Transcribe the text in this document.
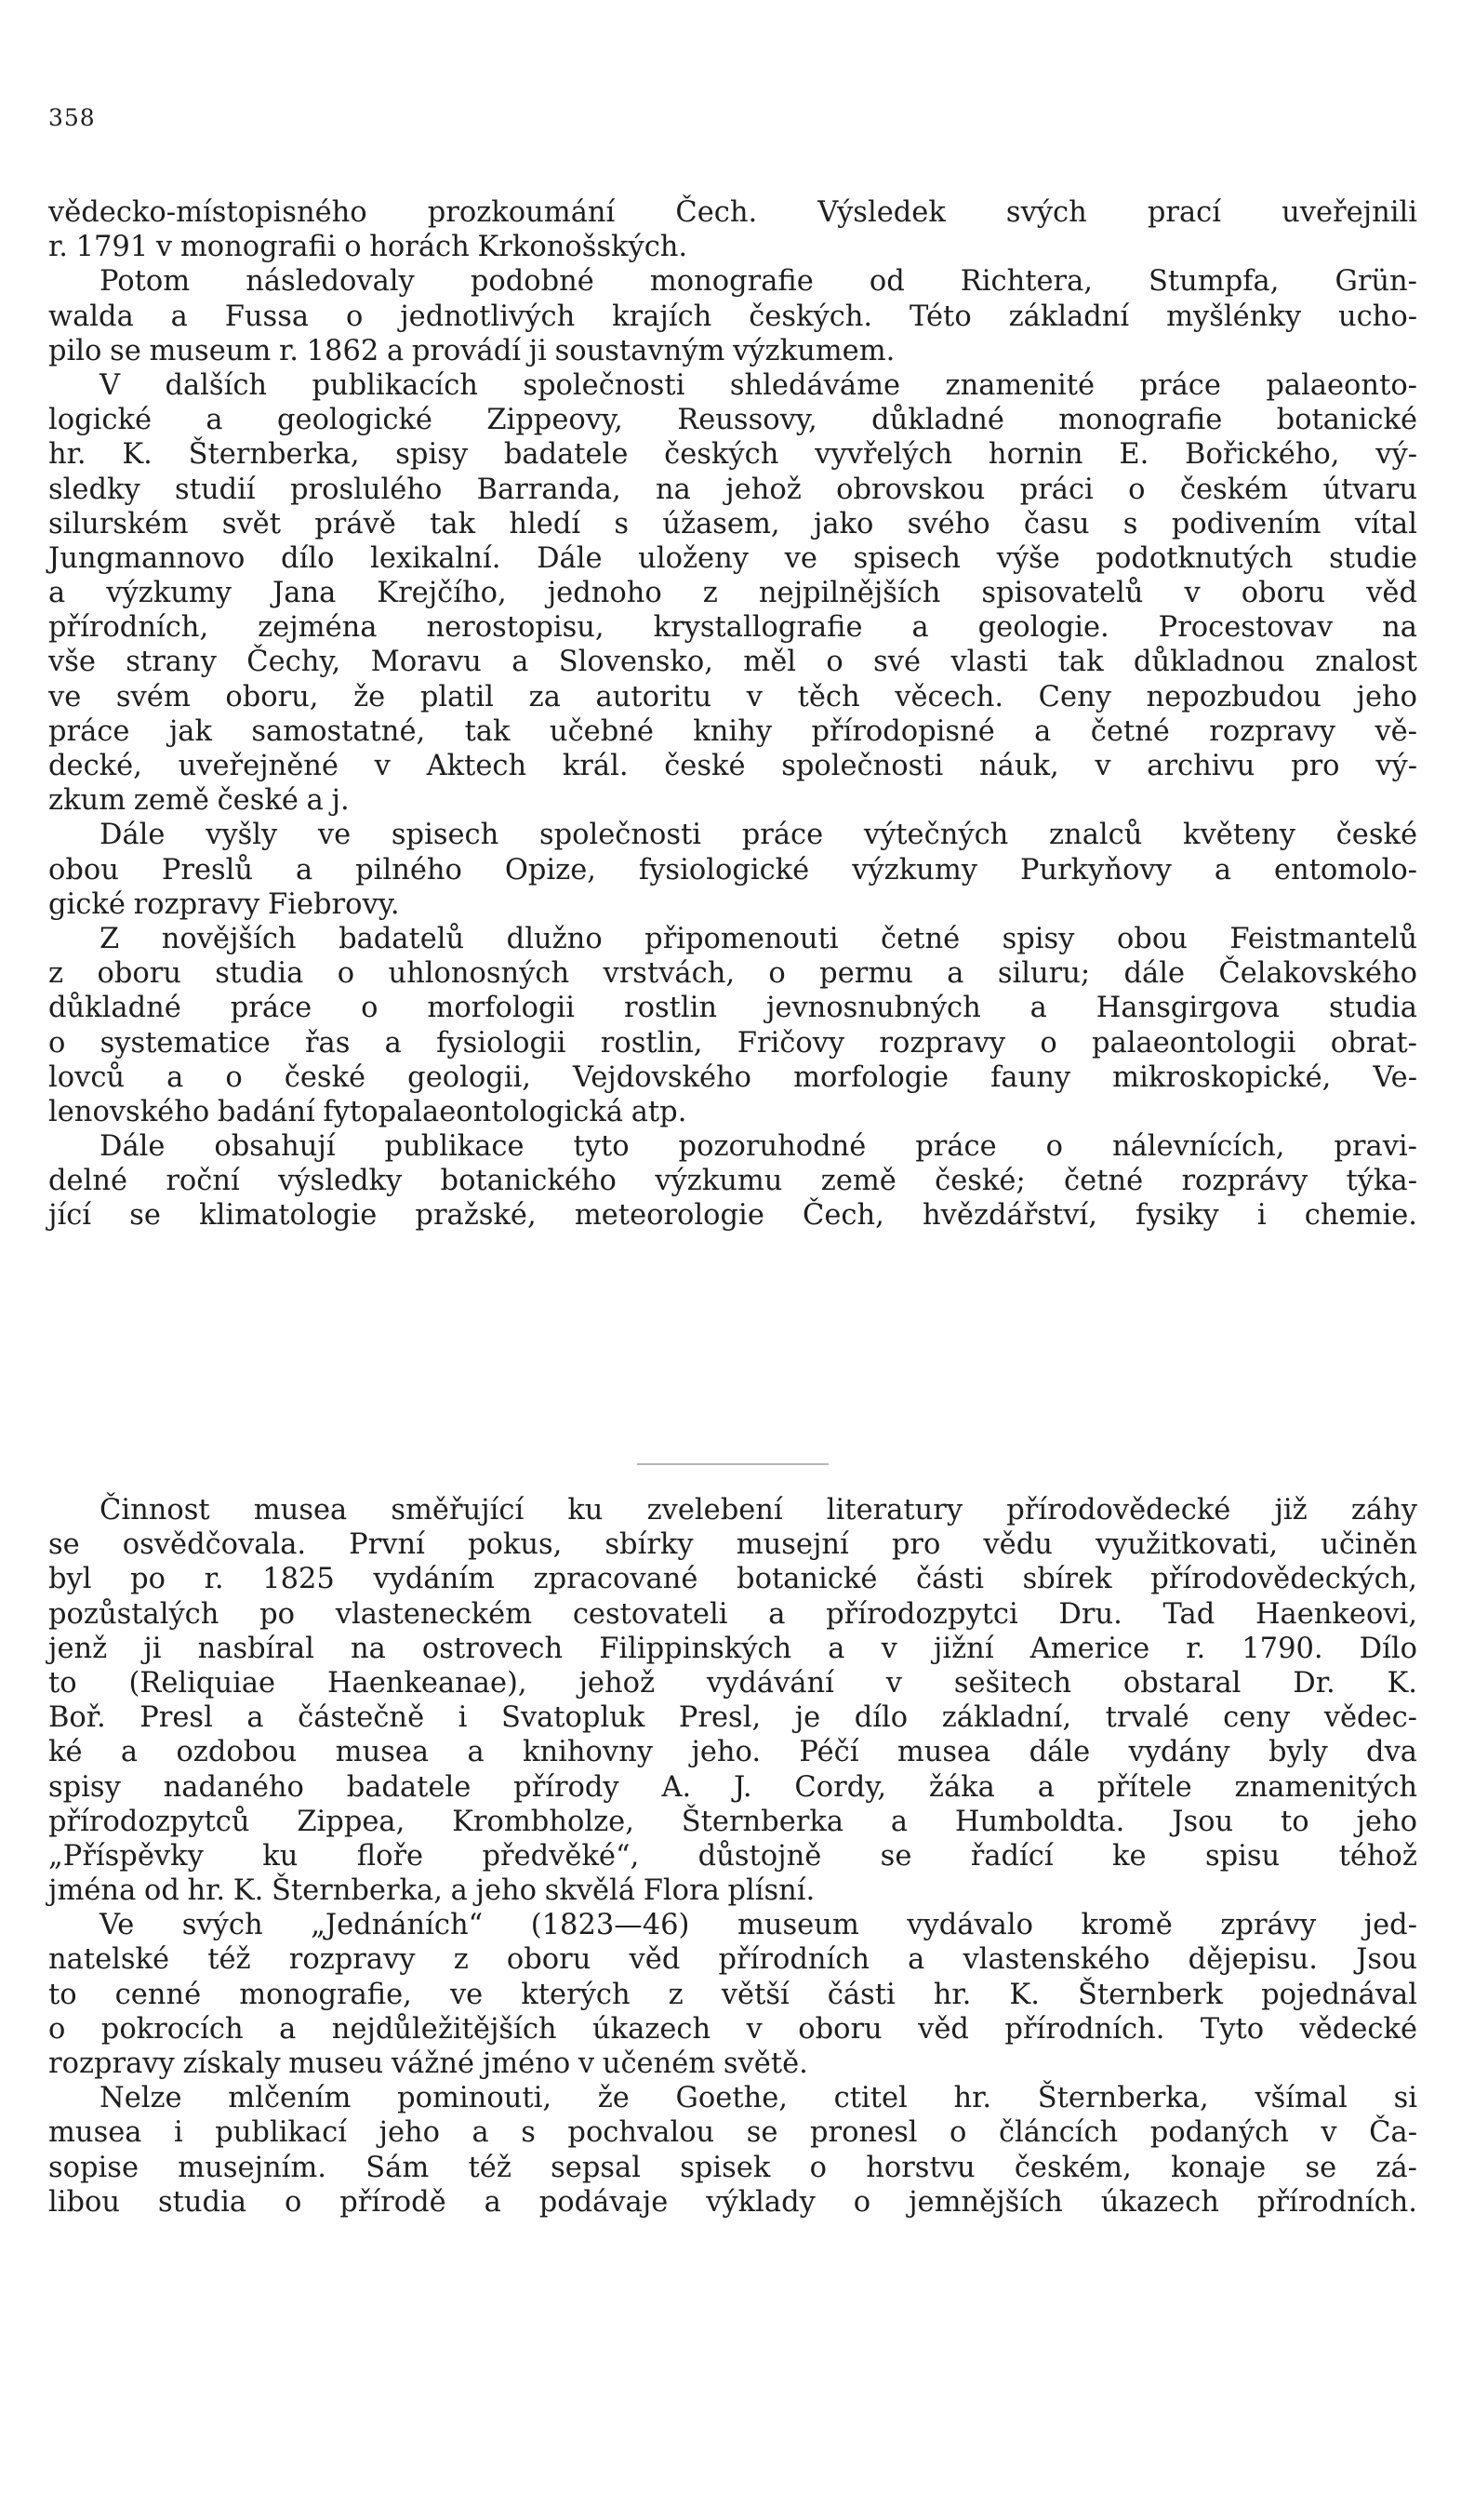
358
vědecko-místopisného prozkoumání Čech. Výsledek svých prací uveřejnili
r. 1791 v monografii o horách Krkonošských.
Potom následovaly podobné monografie od Richtera, Stumpfa, Grün-
walda a Fussa o jednotlivých krajích českých. Této základní myšlénky ucho-
pilo se museum r. 1862 a provádí ji soustavným výzkumem.
V dalších publikacích společnosti shledáváme znamenité práce palaeonto-
logické a geologické Zippeovy, Reussovy, důkladné monografie botanické
hr. K. Šternberka, spisy badatele českých vyvřelých hornin E. Bořického, vý-
sledky studií proslulého Barranda, na jehož obrovskou práci o českém útvaru
silurském svět právě tak hledí s úžasem, jako svého času s podivením vítal
Jungmannovo dílo lexikalní. Dále uloženy ve spisech výše podotknutých studie
a výzkumy Jana Krejčího, jednoho z nejpilnějších spisovatelů v oboru věd
přírodních, zejména nerostopisu, krystallografie a geologie. Procestovav na
vše strany Čechy, Moravu a Slovensko, měl o své vlasti tak důkladnou znalost
ve svém oboru, že platil za autoritu v těch věcech. Ceny nepozbudou jeho
práce jak samostatné, tak učebné knihy přírodopisné a četné rozpravy vě-
decké, uveřejněné v Aktech král. české společnosti náuk, v archivu pro vý-
zkum země české a j.
Dále vyšly ve spisech společnosti práce výtečných znalců květeny české
obou Preslů a pilného Opize, fysiologické výzkumy Purkyňovy a entomolo-
gické rozpravy Fiebrovy.
Z novějších badatelů dlužno připomenouti četné spisy obou Feistmantelů
z oboru studia o uhlonosných vrstvách, o permu a siluru; dále Čelakovského
důkladné práce o morfologii rostlin jevnosnubných a Hansgirgova studia
o systematice řas a fysiologii rostlin, Fričovy rozpravy o palaeontologii obrat-
lovců a o české geologii, Vejdovského morfologie fauny mikroskopické, Ve-
lenovského badání fytopalaeontologická atp.
Dále obsahují publikace tyto pozoruhodné práce o nálevnících, pravi-
delné roční výsledky botanického výzkumu země české; četné rozprávy týka-
jící se klimatologie pražské, meteorologie Čech, hvězdářství, fysiky i chemie.
Činnost musea směřující ku zvelebení literatury přírodovědecké již záhy
se osvědčovala. První pokus, sbírky musejní pro vědu využitkovati, učiněn
byl po r. 1825 vydáním zpracované botanické části sbírek přírodovědeckých,
pozůstalých po vlasteneckém cestovateli a přírodozpytci Dru. Tad Haenkeovi,
jenž ji nasbíral na ostrovech Filippinských a v jižní Americe r. 1790. Dílo
to (Reliquiae Haenkeanae), jehož vydávání v sešitech obstaral Dr. K.
Boř. Presl a částečně i Svatopluk Presl, je dílo základní, trvalé ceny vědec-
ké a ozdobou musea a knihovny jeho. Péčí musea dále vydány byly dva
spisy nadaného badatele přírody A. J. Cordy, žáka a přítele znamenitých
přírodozpytců Zippea, Krombholze, Šternberka a Humboldta. Jsou to jeho
„Příspěvky ku floře předvěké“, důstojně se řadící ke spisu téhož
jména od hr. K. Šternberka, a jeho skvělá Flora plísní.
Ve svých „Jednáních“ (1823—46) museum vydávalo kromě zprávy jed-
natelské též rozpravy z oboru věd přírodních a vlastenského dějepisu. Jsou
to cenné monografie, ve kterých z větší části hr. K. Šternberk pojednával
o pokrocích a nejdůležitějších úkazech v oboru věd přírodních. Tyto vědecké
rozpravy získaly museu vážné jméno v učeném světě.
Nelze mlčením pominouti, že Goethe, ctitel hr. Šternberka, všímal si
musea i publikací jeho a s pochvalou se pronesl o článcích podaných v Ča-
sopise musejním. Sám též sepsal spisek o horstvu českém, konaje se zá-
libou studia o přírodě a podávaje výklady o jemnějších úkazech přírodních.
